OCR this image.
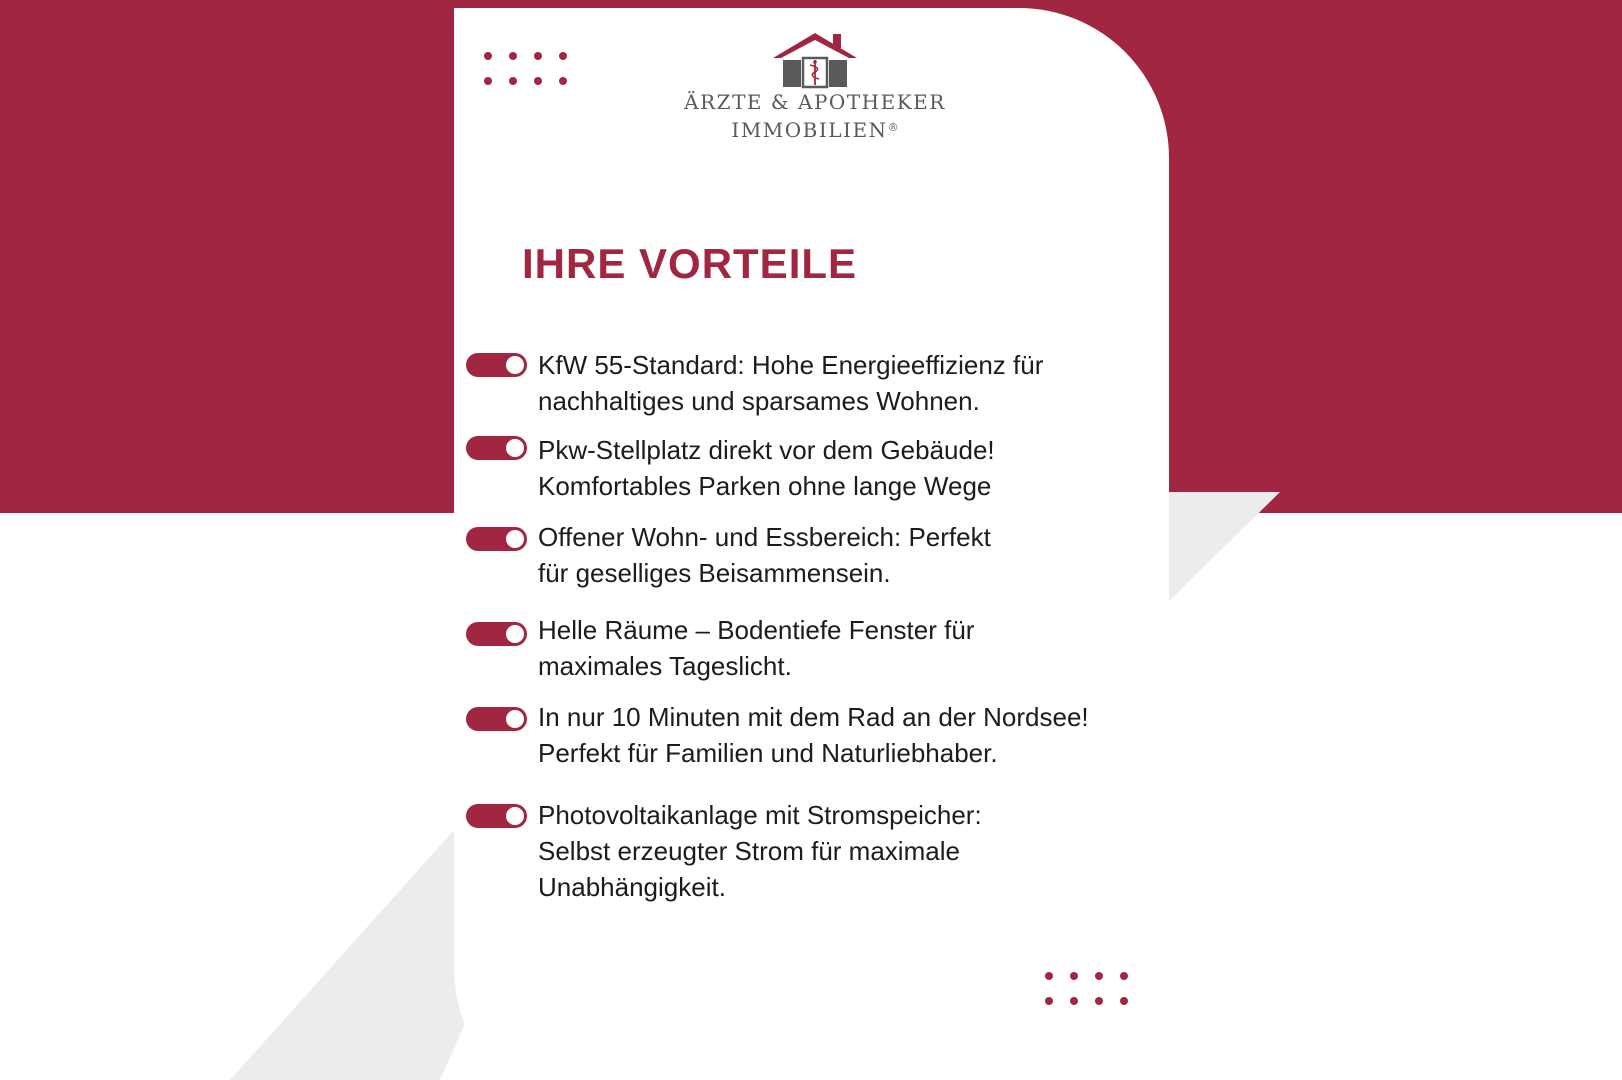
ÄRZTE & APOTHEKER
IMMOBILIEN®
IHRE VORTEILE

KfW 55-Standard: Hohe Energieeffizienz für
nachhaltiges und sparsames Wohnen.

Pkw-Stellplatz direkt vor dem Gebäude!
Komfortables Parken ohne lange Wege

Offener Wohn- und Essbereich: Perfekt
für geselliges Beisammensein.

Helle Räume – Bodentiefe Fenster für
maximales Tageslicht.

In nur 10 Minuten mit dem Rad an der Nordsee!
Perfekt für Familien und Naturliebhaber.

Photovoltaikanlage mit Stromspeicher:
Selbst erzeugter Strom für maximale
Unabhängigkeit.
